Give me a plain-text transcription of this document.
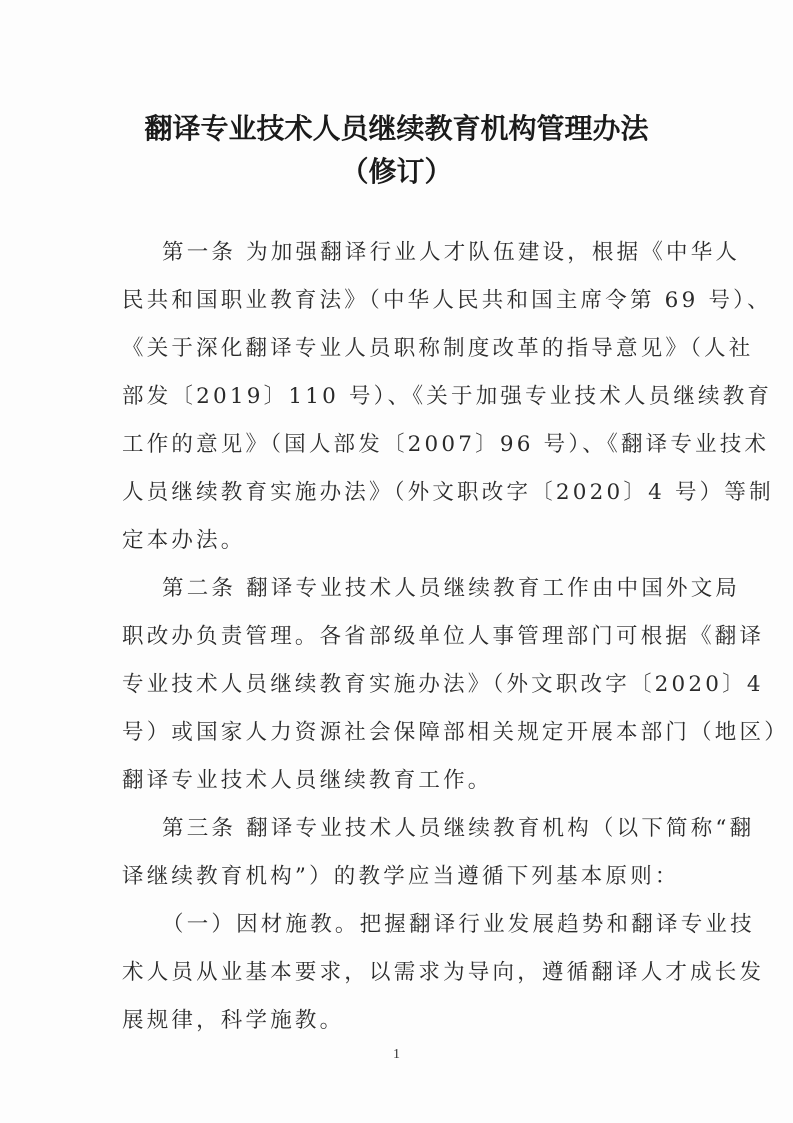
翻译专业技术人员继续教育机构管理办法
（修订）
第一条 为加强翻译行业人才队伍建设，根据《中华人
民共和国职业教育法》（中华人民共和国主席令第 69 号）、
《关于深化翻译专业人员职称制度改革的指导意见》（人社
部发〔2019〕110 号）、《关于加强专业技术人员继续教育
工作的意见》（国人部发〔2007〕96 号）、《翻译专业技术
人员继续教育实施办法》（外文职改字〔2020〕4 号）等制
定本办法。
第二条 翻译专业技术人员继续教育工作由中国外文局
职改办负责管理。各省部级单位人事管理部门可根据《翻译
专业技术人员继续教育实施办法》（外文职改字〔2020〕4
号）或国家人力资源社会保障部相关规定开展本部门（地区）
翻译专业技术人员继续教育工作。
第三条 翻译专业技术人员继续教育机构（以下简称“翻
译继续教育机构”）的教学应当遵循下列基本原则：
（一）因材施教。把握翻译行业发展趋势和翻译专业技
术人员从业基本要求，以需求为导向，遵循翻译人才成长发
展规律，科学施教。
1
